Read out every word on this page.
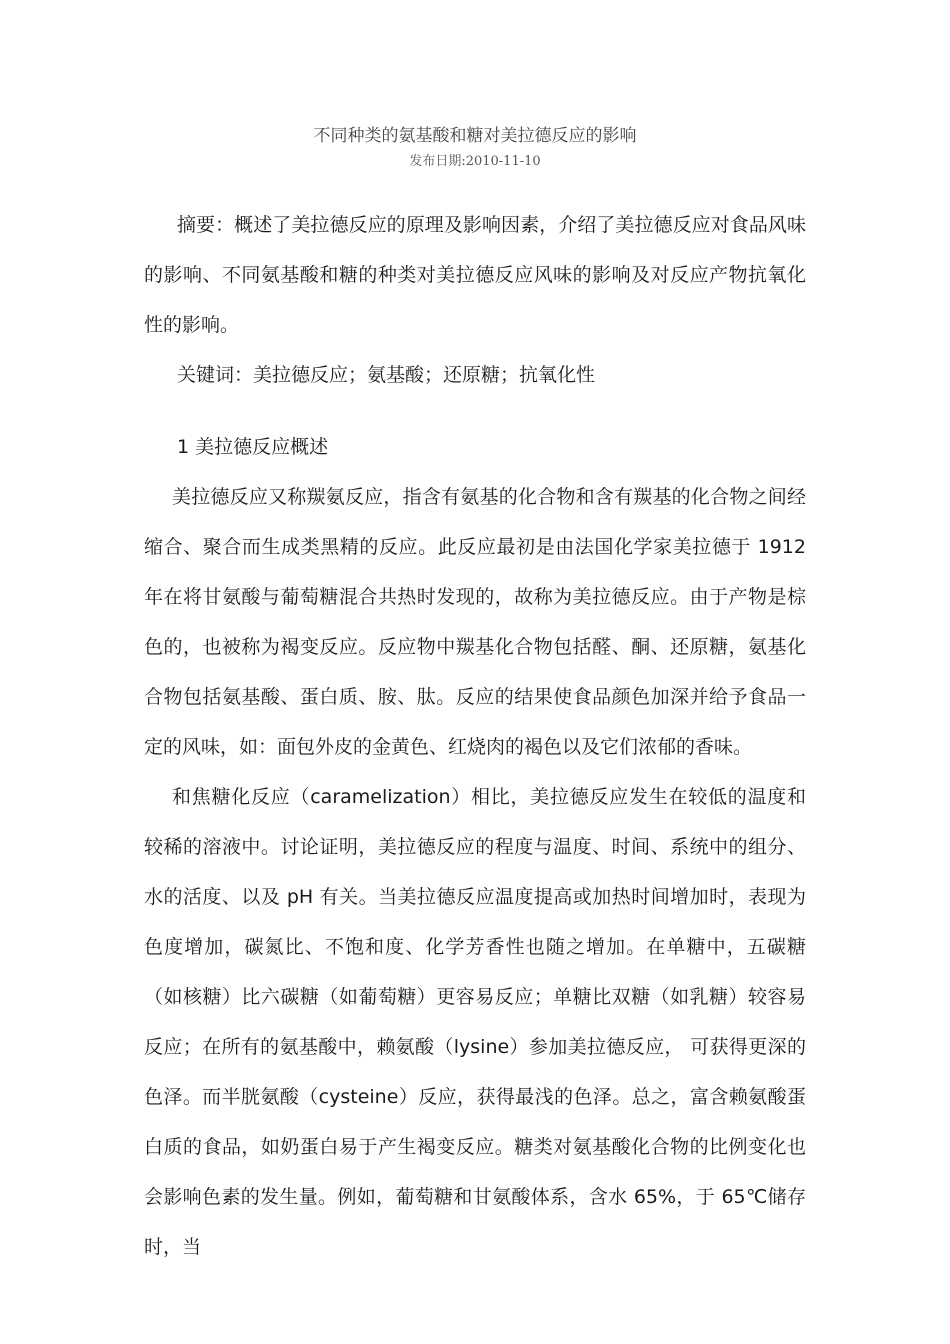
不同种类的氨基酸和糖对美拉德反应的影响
发布日期:2010-11-10

摘要：概述了美拉德反应的原理及影响因素，介绍了美拉德反应对食品风味的影响、不同氨基酸和糖的种类对美拉德反应风味的影响及对反应产物抗氧化性的影响。

关键词：美拉德反应；氨基酸；还原糖；抗氧化性

1 美拉德反应概述

美拉德反应又称羰氨反应，指含有氨基的化合物和含有羰基的化合物之间经缩合、聚合而生成类黑精的反应。此反应最初是由法国化学家美拉德于 1912 年在将甘氨酸与葡萄糖混合共热时发现的，故称为美拉德反应。由于产物是棕色的，也被称为褐变反应。反应物中羰基化合物包括醛、酮、还原糖，氨基化合物包括氨基酸、蛋白质、胺、肽。反应的结果使食品颜色加深并给予食品一定的风味，如：面包外皮的金黄色、红烧肉的褐色以及它们浓郁的香味。

和焦糖化反应（caramelization）相比，美拉德反应发生在较低的温度和较稀的溶液中。讨论证明，美拉德反应的程度与温度、时间、系统中的组分、水的活度、以及 pH 有关。当美拉德反应温度提高或加热时间增加时，表现为色度增加，碳氮比、不饱和度、化学芳香性也随之增加。在单糖中，五碳糖（如核糖）比六碳糖（如葡萄糖）更容易反应；单糖比双糖（如乳糖）较容易反应；在所有的氨基酸中，赖氨酸（lysine）参加美拉德反应， 可获得更深的色泽。而半胱氨酸（cysteine）反应，获得最浅的色泽。总之，富含赖氨酸蛋白质的食品，如奶蛋白易于产生褐变反应。糖类对氨基酸化合物的比例变化也会影响色素的发生量。例如，葡萄糖和甘氨酸体系，含水 65%，于 65℃储存时，当
